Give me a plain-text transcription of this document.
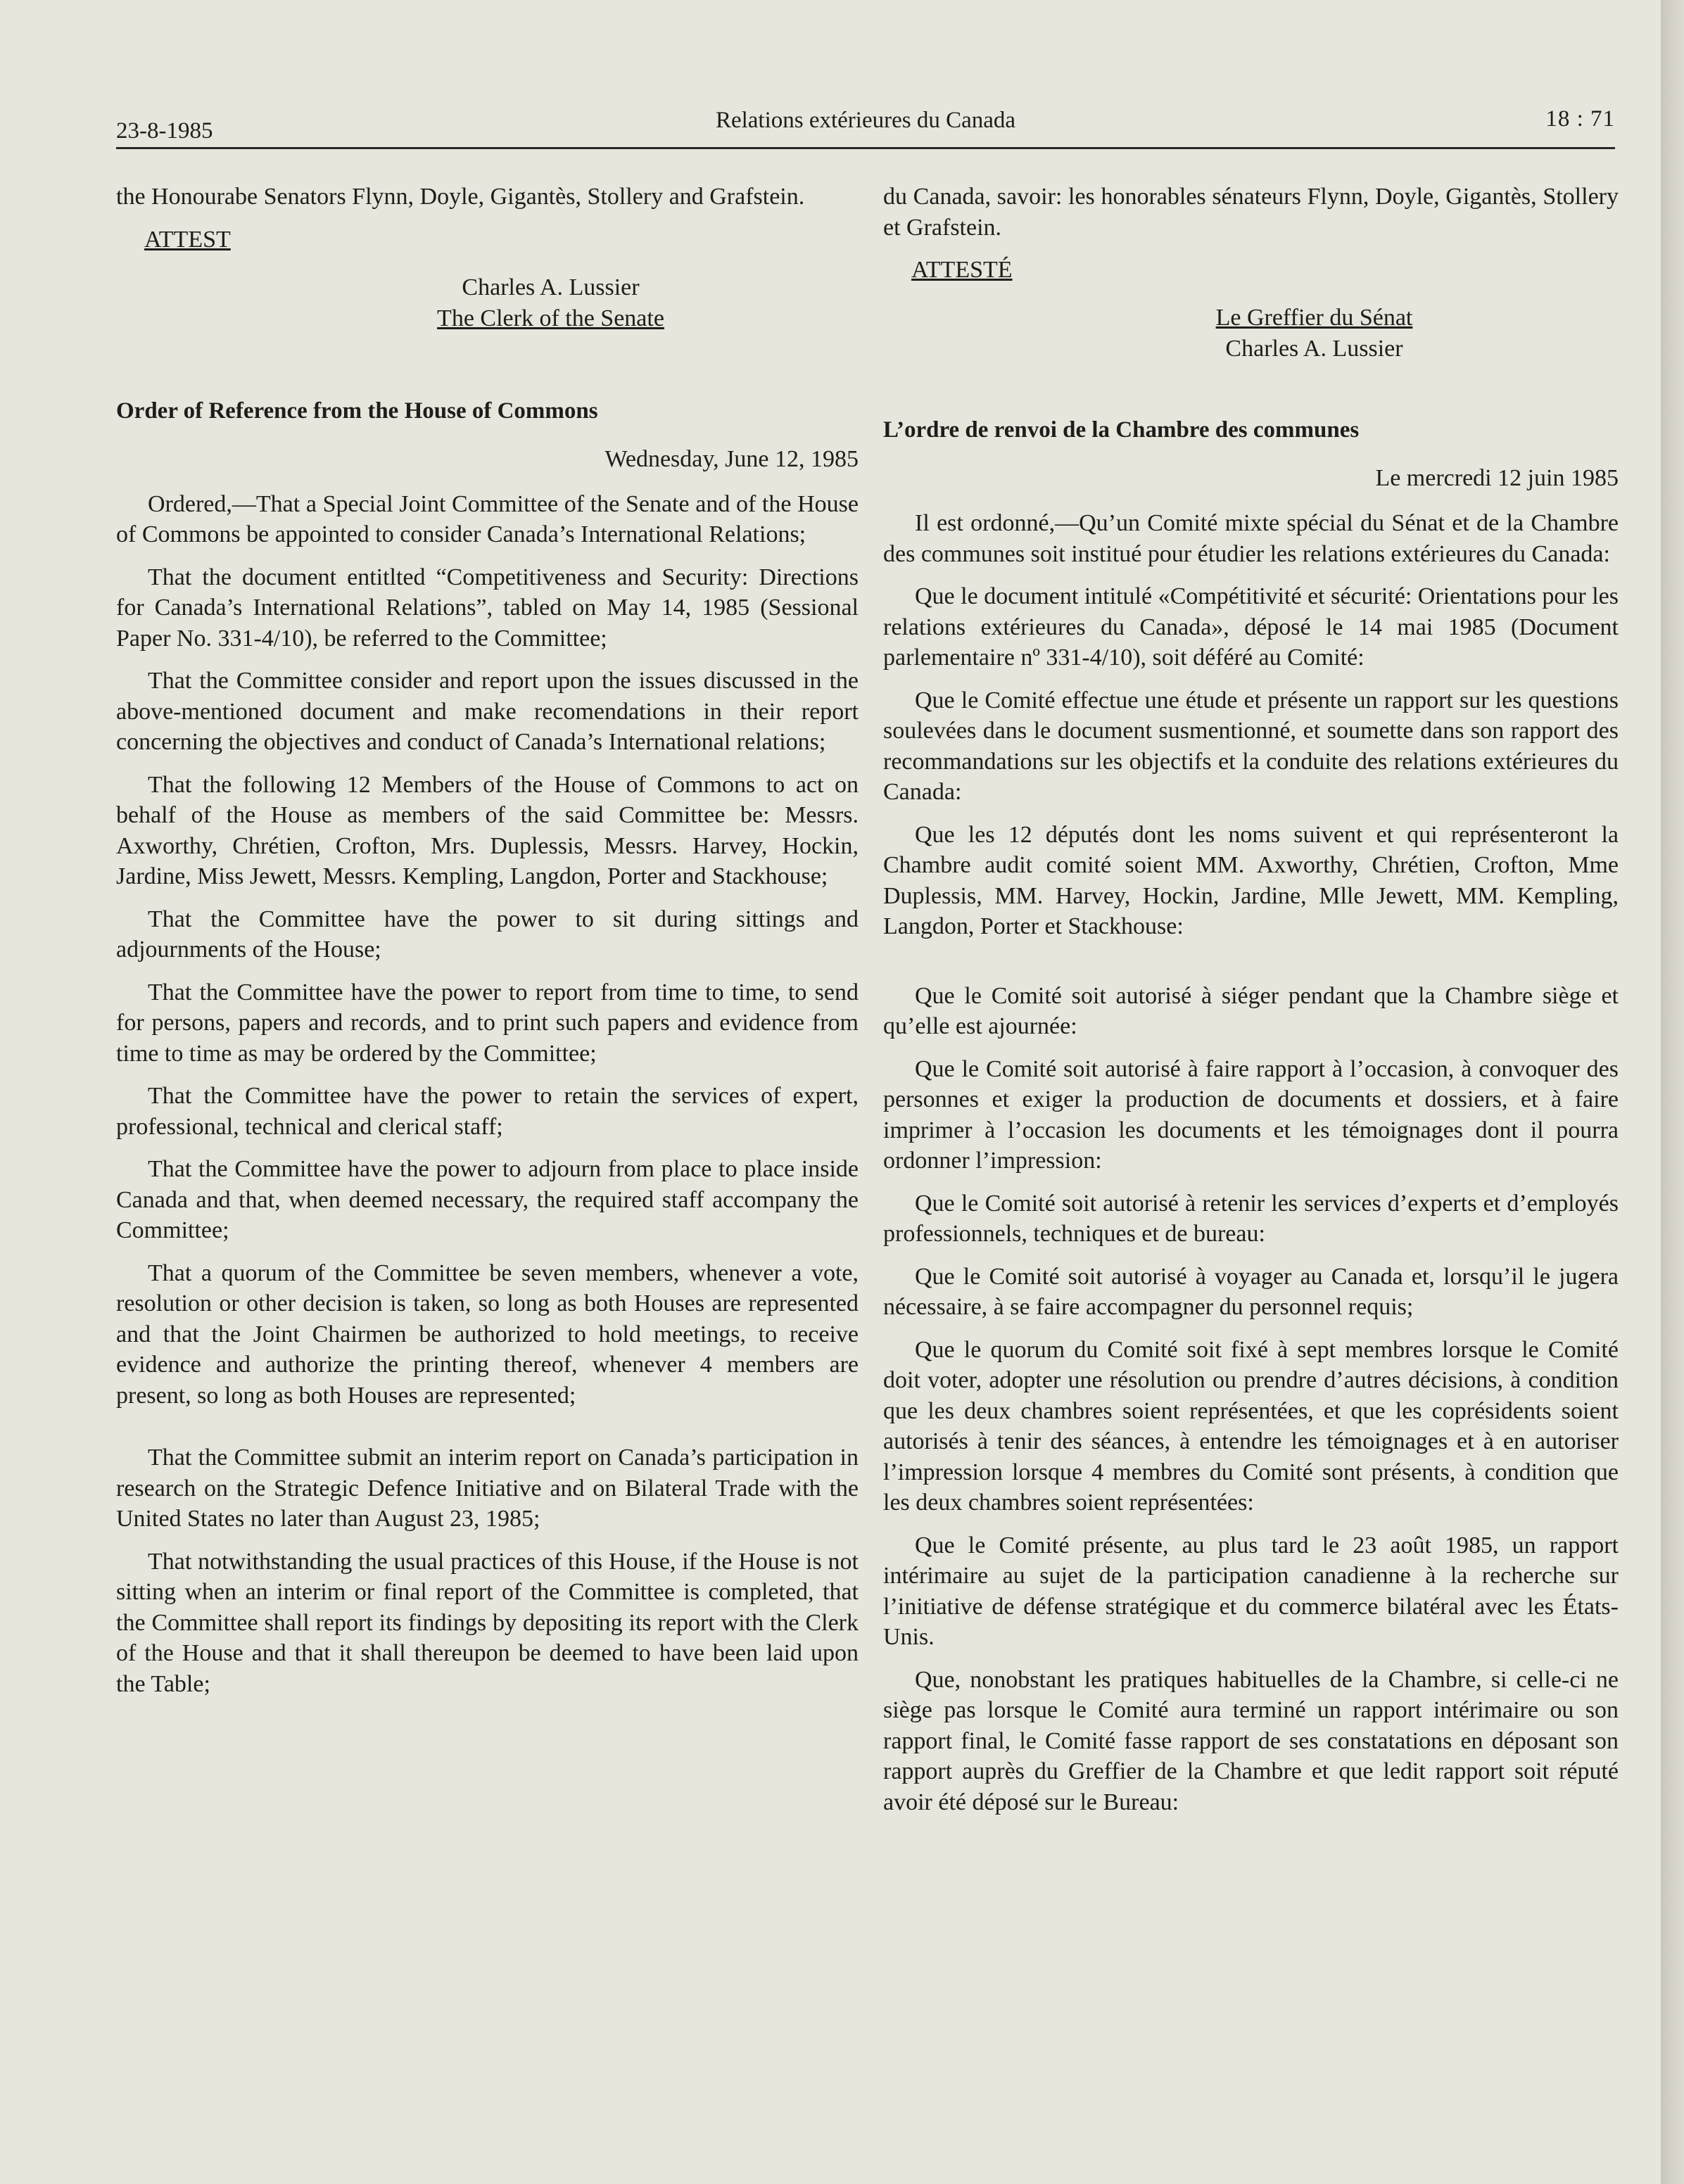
23-8-1985	Relations extérieures du Canada	18 : 71

the Honourabe Senators Flynn, Doyle, Gigantès, Stollery and Grafstein.

ATTEST
Charles A. Lussier
The Clerk of the Senate
Order of Reference from the House of Commons
Wednesday, June 12, 1985

Ordered,—That a Special Joint Committee of the Senate and of the House of Commons be appointed to consider Canada’s International Relations;

That the document entitlted “Competitiveness and Security: Directions for Canada’s International Relations”, tabled on May 14, 1985 (Sessional Paper No. 331-4/10), be referred to the Committee;

That the Committee consider and report upon the issues discussed in the above-mentioned document and make recomendations in their report concerning the objectives and conduct of Canada’s International relations;

That the following 12 Members of the House of Commons to act on behalf of the House as members of the said Committee be: Messrs. Axworthy, Chrétien, Crofton, Mrs. Duplessis, Messrs. Harvey, Hockin, Jardine, Miss Jewett, Messrs. Kempling, Langdon, Porter and Stackhouse;

That the Committee have the power to sit during sittings and adjournments of the House;

That the Committee have the power to report from time to time, to send for persons, papers and records, and to print such papers and evidence from time to time as may be ordered by the Committee;

That the Committee have the power to retain the services of expert, professional, technical and clerical staff;

That the Committee have the power to adjourn from place to place inside Canada and that, when deemed necessary, the required staff accompany the Committee;

That a quorum of the Committee be seven members, whenever a vote, resolution or other decision is taken, so long as both Houses are represented and that the Joint Chairmen be authorized to hold meetings, to receive evidence and authorize the printing thereof, whenever 4 members are present, so long as both Houses are represented;

That the Committee submit an interim report on Canada’s participation in research on the Strategic Defence Initiative and on Bilateral Trade with the United States no later than August 23, 1985;

That notwithstanding the usual practices of this House, if the House is not sitting when an interim or final report of the Committee is completed, that the Committee shall report its findings by depositing its report with the Clerk of the House and that it shall thereupon be deemed to have been laid upon the Table;

du Canada, savoir: les honorables sénateurs Flynn, Doyle, Gigantès, Stollery et Grafstein.

ATTESTÉ
Le Greffier du Sénat
Charles A. Lussier
L’ordre de renvoi de la Chambre des communes
Le mercredi 12 juin 1985

Il est ordonné,—Qu’un Comité mixte spécial du Sénat et de la Chambre des communes soit institué pour étudier les relations extérieures du Canada:

Que le document intitulé «Compétitivité et sécurité: Orientations pour les relations extérieures du Canada», déposé le 14 mai 1985 (Document parlementaire nº 331-4/10), soit déféré au Comité:

Que le Comité effectue une étude et présente un rapport sur les questions soulevées dans le document susmentionné, et soumette dans son rapport des recommandations sur les objectifs et la conduite des relations extérieures du Canada:

Que les 12 députés dont les noms suivent et qui représenteront la Chambre audit comité soient MM. Axworthy, Chrétien, Crofton, Mme Duplessis, MM. Harvey, Hockin, Jardine, Mlle Jewett, MM. Kempling, Langdon, Porter et Stackhouse:

Que le Comité soit autorisé à siéger pendant que la Chambre siège et qu’elle est ajournée:

Que le Comité soit autorisé à faire rapport à l’occasion, à convoquer des personnes et exiger la production de documents et dossiers, et à faire imprimer à l’occasion les documents et les témoignages dont il pourra ordonner l’impression:

Que le Comité soit autorisé à retenir les services d’experts et d’employés professionnels, techniques et de bureau:

Que le Comité soit autorisé à voyager au Canada et, lorsqu’il le jugera nécessaire, à se faire accompagner du personnel requis;

Que le quorum du Comité soit fixé à sept membres lorsque le Comité doit voter, adopter une résolution ou prendre d’autres décisions, à condition que les deux chambres soient représentées, et que les coprésidents soient autorisés à tenir des séances, à entendre les témoignages et à en autoriser l’impression lorsque 4 membres du Comité sont présents, à condition que les deux chambres soient représentées:

Que le Comité présente, au plus tard le 23 août 1985, un rapport intérimaire au sujet de la participation canadienne à la recherche sur l’initiative de défense stratégique et du commerce bilatéral avec les États-Unis.

Que, nonobstant les pratiques habituelles de la Chambre, si celle-ci ne siège pas lorsque le Comité aura terminé un rapport intérimaire ou son rapport final, le Comité fasse rapport de ses constatations en déposant son rapport auprès du Greffier de la Chambre et que ledit rapport soit réputé avoir été déposé sur le Bureau:
